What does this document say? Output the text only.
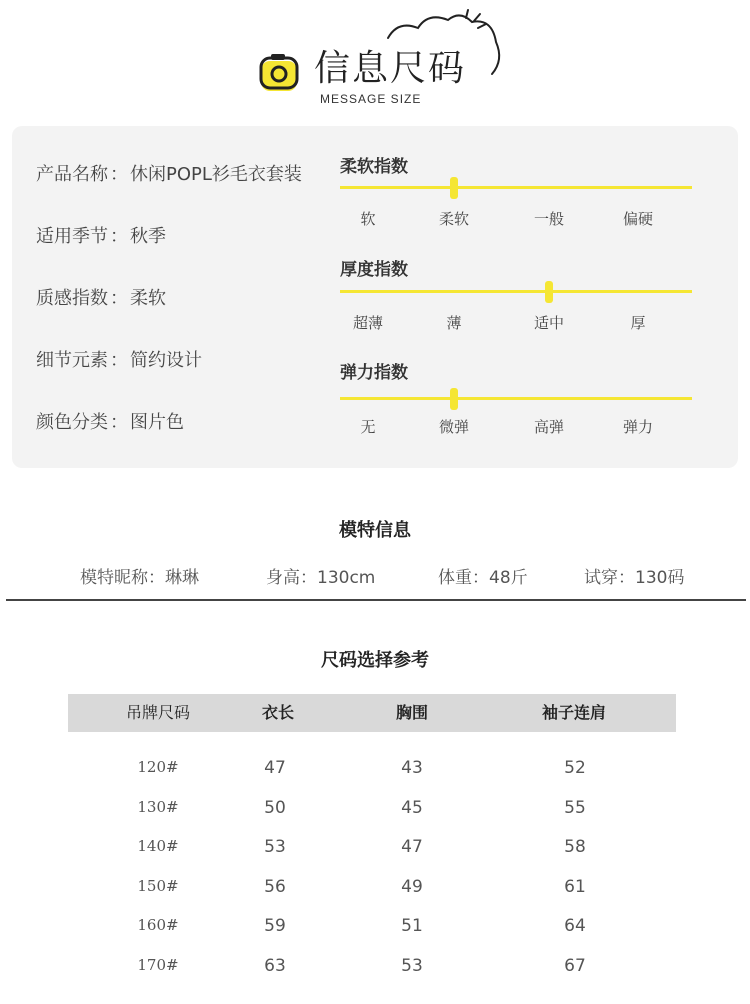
信息尺码
MESSAGE SIZE
产品名称 ： 休闲POPL衫毛衣套装
适用季节 ： 秋季
质感指数 ： 柔软
细节元素 ： 简约设计
颜色分类 ： 图片色
柔软指数
软	柔软	一般	偏硬
厚度指数
超薄	薄	适中	厚
弹力指数
无	微弹	高弹	弹力
模特信息
模特昵称：琳琳	身高：130cm	体重：48斤	试穿：130码
尺码选择参考
吊牌尺码	衣长	胸围	袖子连肩
120#	47	43	52
130#	50	45	55
140#	53	47	58
150#	56	49	61
160#	59	51	64
170#	63	53	67
